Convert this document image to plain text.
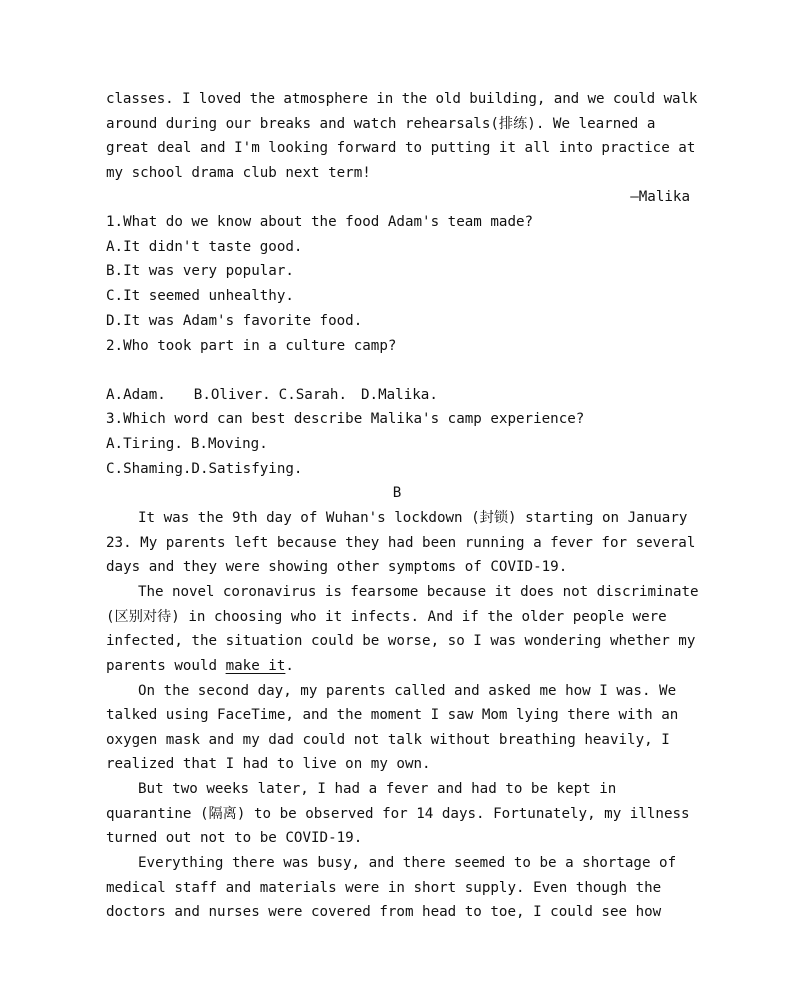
classes. I loved the atmosphere in the old building, and we could walk
around during our breaks and watch rehearsals(排练). We learned a
great deal and I'm looking forward to putting it all into practice at
my school drama club next term!
—Malika
1.What do we know about the food Adam's team made?
A.It didn't taste good.
B.It was very popular.
C.It seemed unhealthy.
D.It was Adam's favorite food.
2.Who took part in a culture camp?
A.Adam. B.Oliver. C.Sarah. D.Malika.
3.Which word can best describe Malika's camp experience?
A.Tiring. B.Moving.
C.Shaming.D.Satisfying.
B
It was the 9th day of Wuhan's lockdown (封锁) starting on January
23. My parents left because they had been running a fever for several
days and they were showing other symptoms of COVID-19.
The novel coronavirus is fearsome because it does not discriminate
(区别对待) in choosing who it infects. And if the older people were
infected, the situation could be worse, so I was wondering whether my
parents would make it.
On the second day, my parents called and asked me how I was. We
talked using FaceTime, and the moment I saw Mom lying there with an
oxygen mask and my dad could not talk without breathing heavily, I
realized that I had to live on my own.
But two weeks later, I had a fever and had to be kept in
quarantine (隔离) to be observed for 14 days. Fortunately, my illness
turned out not to be COVID-19.
Everything there was busy, and there seemed to be a shortage of
medical staff and materials were in short supply. Even though the
doctors and nurses were covered from head to toe, I could see how
